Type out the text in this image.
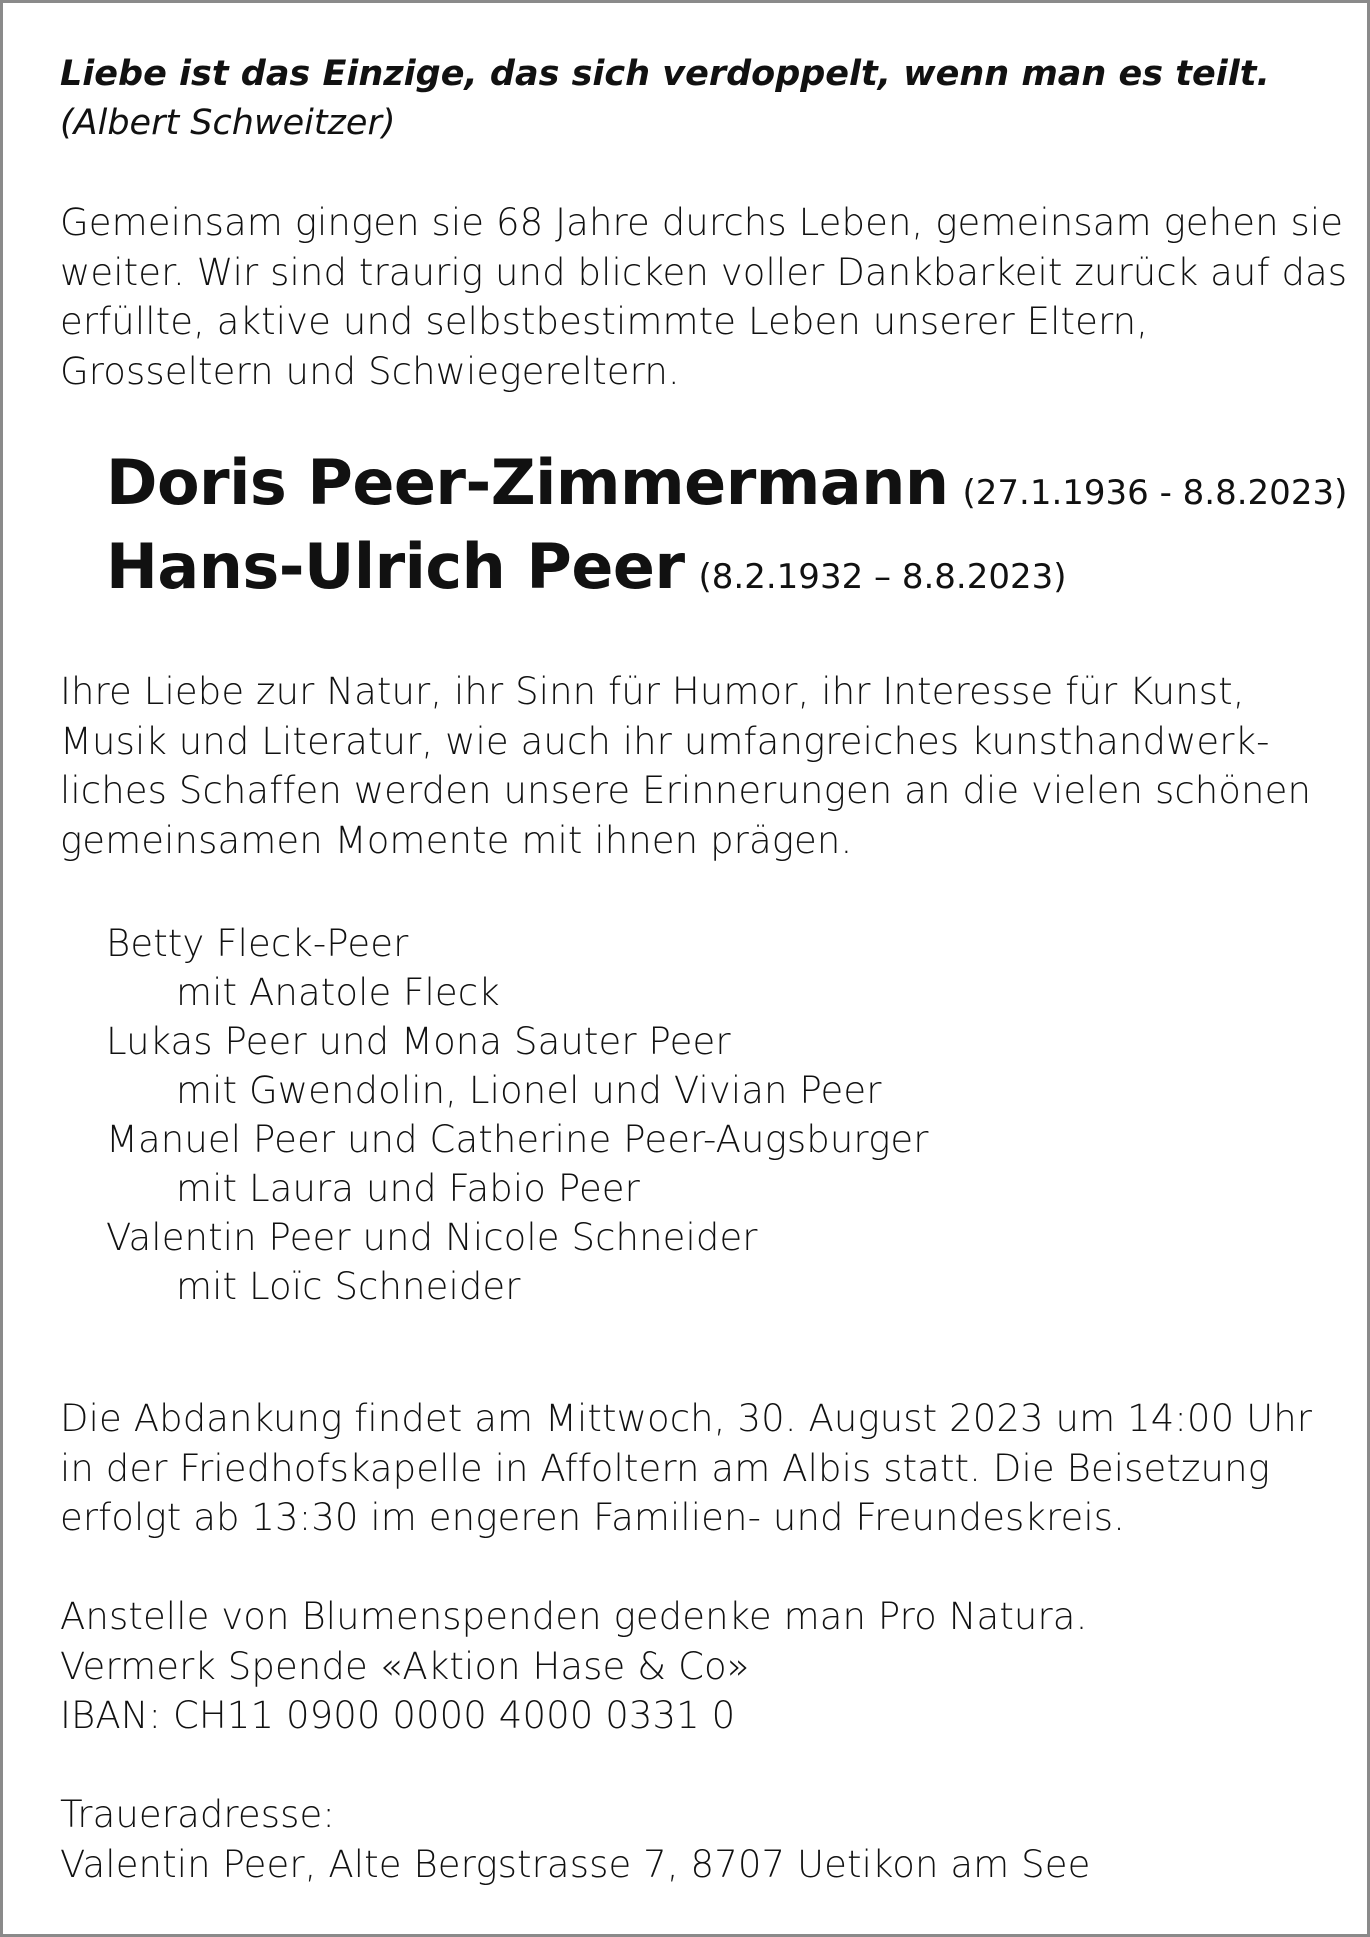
Liebe ist das Einzige, das sich verdoppelt, wenn man es teilt.
(Albert Schweitzer)
Gemeinsam gingen sie 68 Jahre durchs Leben, gemeinsam gehen sie
weiter. Wir sind traurig und blicken voller Dankbarkeit zurück auf das
erfüllte, aktive und selbstbestimmte Leben unserer Eltern,
Grosseltern und Schwiegereltern.
Doris Peer-Zimmermann (27.1.1936 - 8.8.2023)
Hans-Ulrich Peer (8.2.1932 – 8.8.2023)
Ihre Liebe zur Natur, ihr Sinn für Humor, ihr Interesse für Kunst,
Musik und Literatur, wie auch ihr umfangreiches kunsthandwerk-
liches Schaffen werden unsere Erinnerungen an die vielen schönen
gemeinsamen Momente mit ihnen prägen.
Betty Fleck-Peer
mit Anatole Fleck
Lukas Peer und Mona Sauter Peer
mit Gwendolin, Lionel und Vivian Peer
Manuel Peer und Catherine Peer-Augsburger
mit Laura und Fabio Peer
Valentin Peer und Nicole Schneider
mit Loïc Schneider
Die Abdankung findet am Mittwoch, 30. August 2023 um 14:00 Uhr
in der Friedhofskapelle in Affoltern am Albis statt. Die Beisetzung
erfolgt ab 13:30 im engeren Familien- und Freundeskreis.
Anstelle von Blumenspenden gedenke man Pro Natura.
Vermerk Spende «Aktion Hase & Co»
IBAN: CH11 0900 0000 4000 0331 0
Traueradresse:
Valentin Peer, Alte Bergstrasse 7, 8707 Uetikon am See
